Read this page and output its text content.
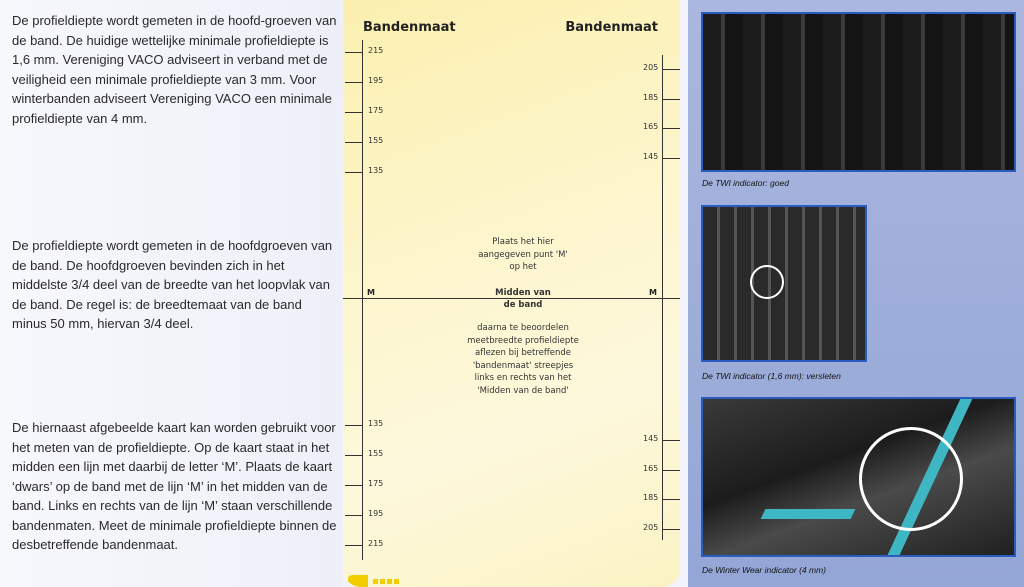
De profieldiepte wordt gemeten in de hoofd-groeven van de band. De huidige wettelijke minimale profieldiepte is 1,6 mm. Vereniging VACO adviseert in verband met de veiligheid een minimale profieldiepte van 3 mm. Voor winterbanden adviseert Vereniging VACO een minimale profieldiepte van 4 mm.

De profieldiepte wordt gemeten in de hoofdgroeven van de band. De hoofdgroeven bevinden zich in het middelste 3/4 deel van de breedte van het loopvlak van de band. De regel is: de breedtemaat van de band minus 50 mm, hiervan 3/4 deel.

De hiernaast afgebeelde kaart kan worden gebruikt voor het meten van de profieldiepte. Op de kaart staat in het midden een lijn met daarbij de letter ‘M’. Plaats de kaart ‘dwars’ op de band met de lijn ‘M’ in het midden van de band. Links en rechts van de lijn ‘M’ staan verschillende bandenmaten. Meet de minimale profieldiepte binnen de desbetreffende bandenmaat.

Bandenmaat	Bandenmaat
215
195
175
155
135
135
155
175
195
215
205
185
165
145
145
165
185
205
M	M
Plaats het hier
aangegeven punt 'M'
op het
Midden van
de band
daarna te beoordelen
meetbreedte profieldiepte
aflezen bij betreffende
'bandenmaat' streepjes
links en rechts van het
'Midden van de band'
De TWI indicator: goed
De TWI indicator (1,6 mm): versleten
De Winter Wear indicator (4 mm)
